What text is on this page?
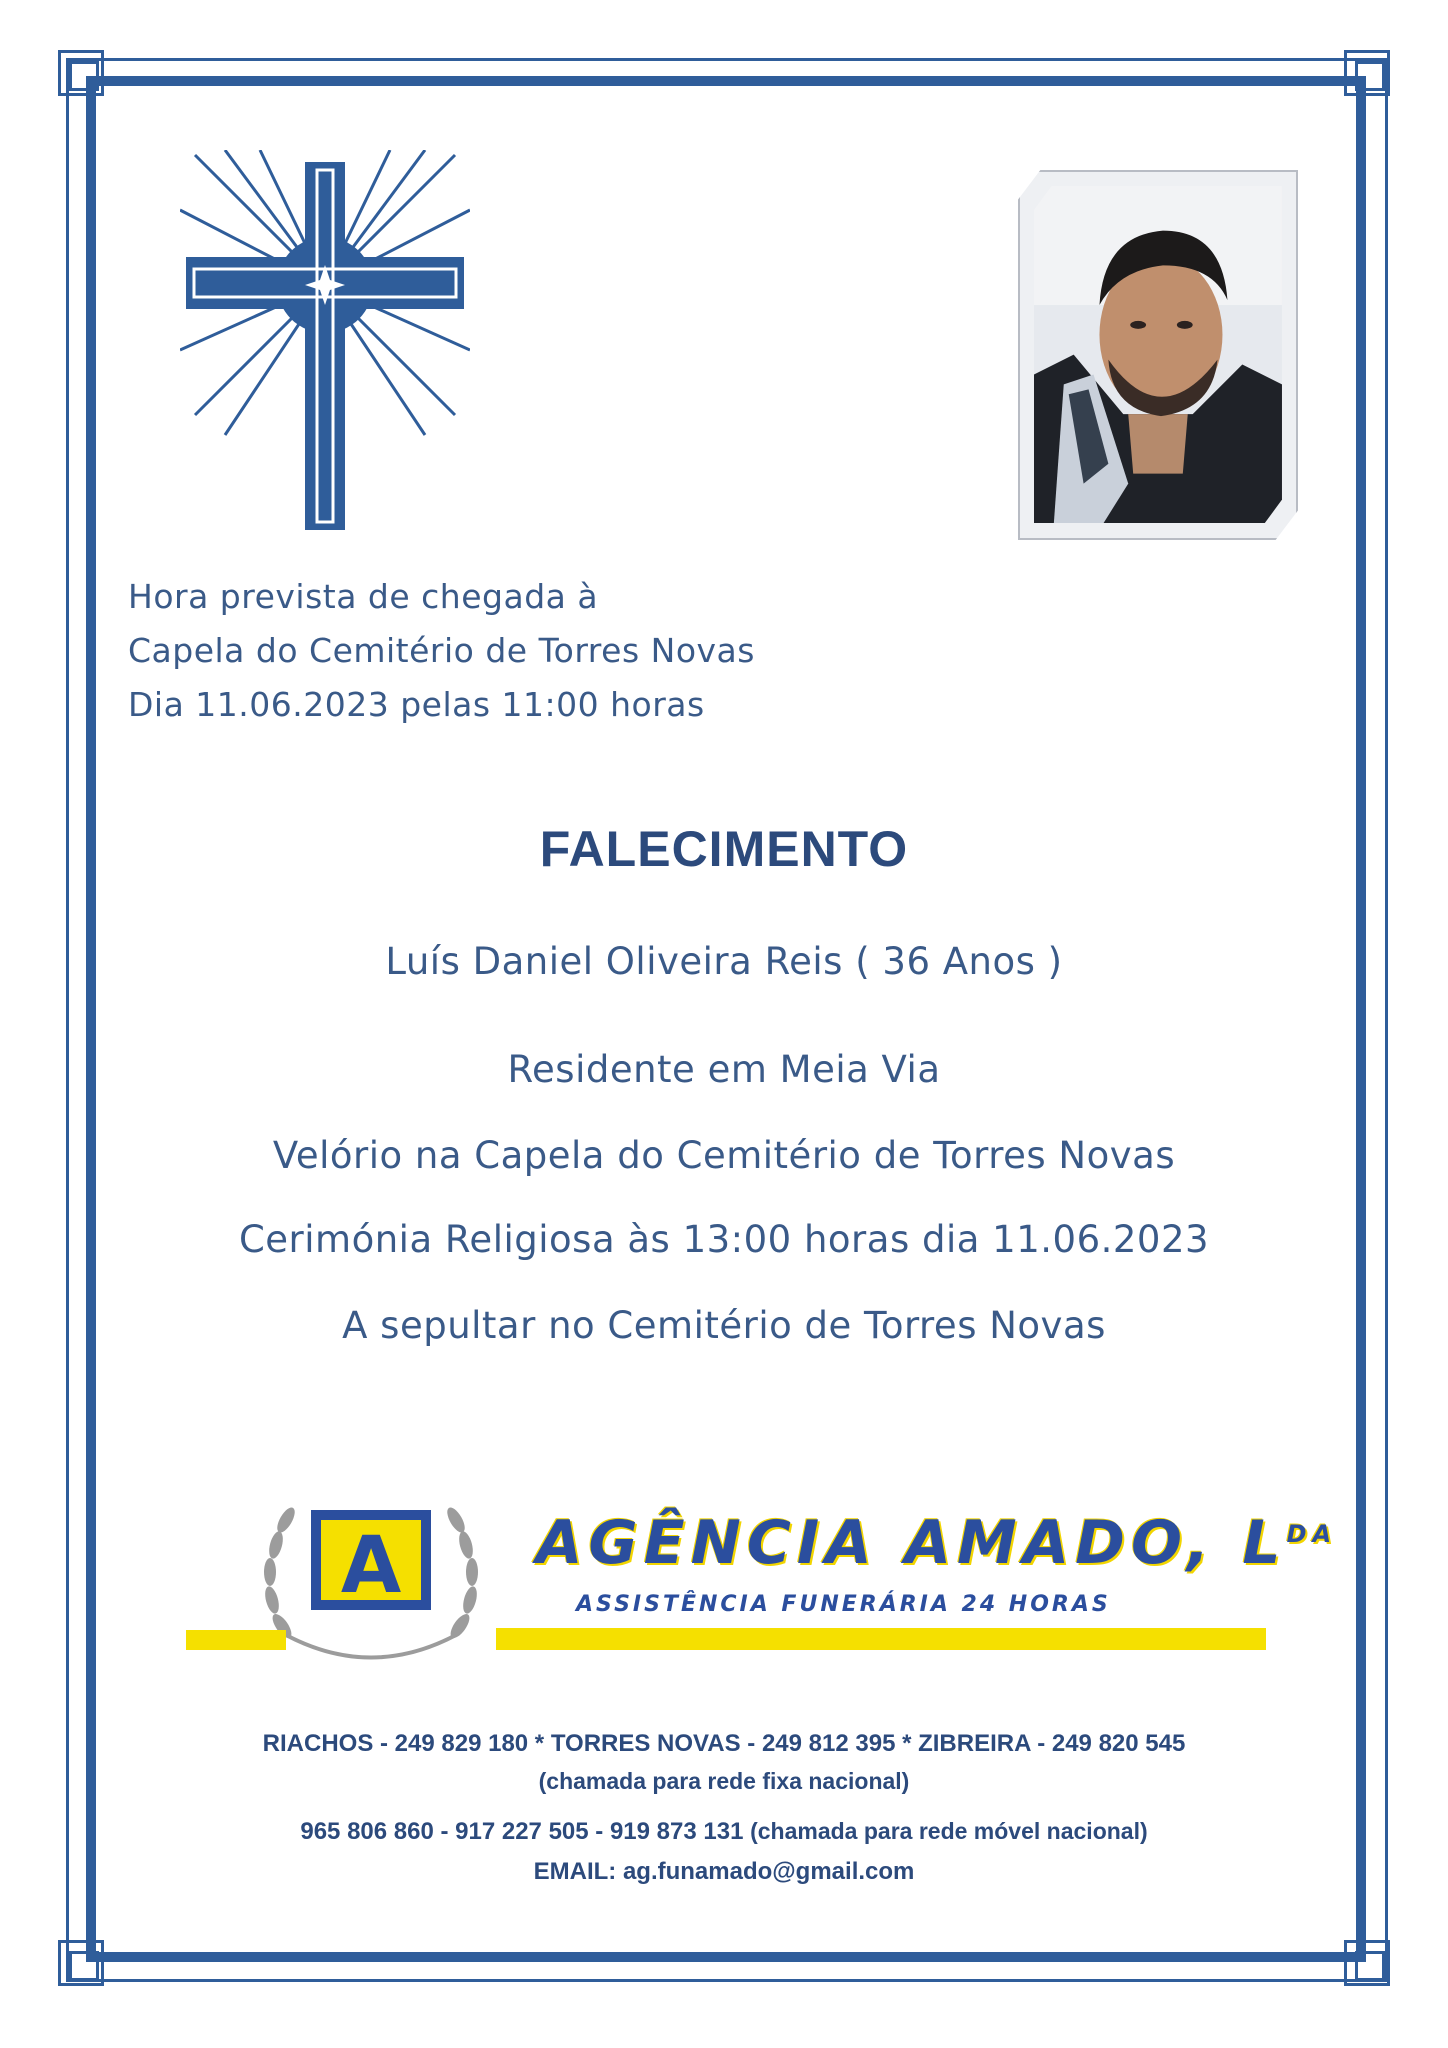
Hora prevista de chegada à
Capela do Cemitério de Torres Novas
Dia 11.06.2023 pelas 11:00 horas
FALECIMENTO
Luís Daniel Oliveira Reis ( 36 Anos )
Residente em Meia Via
Velório na Capela do Cemitério de Torres Novas
Cerimónia Religiosa às 13:00 horas dia 11.06.2023
A sepultar no Cemitério de Torres Novas
A AGÊNCIA AMADO, $L^{DA}$
ASSISTÊNCIA FUNERÁRIA 24 HORAS
RIACHOS - 249 829 180 * TORRES NOVAS - 249 812 395 * ZIBREIRA - 249 820 545
(chamada para rede fixa nacional)
965 806 860 - 917 227 505 - 919 873 131 (chamada para rede móvel nacional)
EMAIL: ag.funamado@gmail.com
